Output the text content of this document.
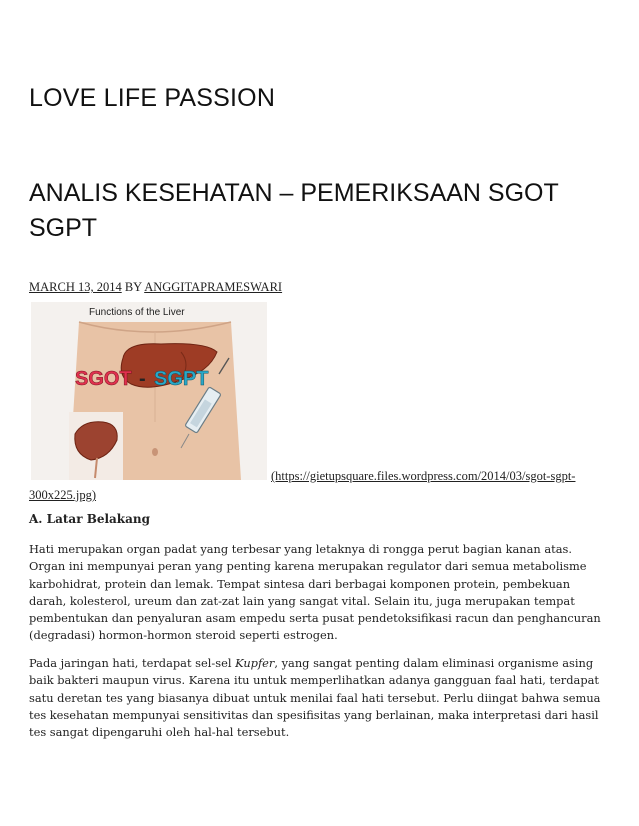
LOVE LIFE PASSION
ANALIS KESEHATAN – PEMERIKSAAN SGOT SGPT
MARCH 13, 2014 BY ANGGITAPRAMESWARI
Functions of the Liver
SGOT - SGPT
(https://gietupsquare.files.wordpress.com/2014/03/sgot-sgpt-300x225.jpg)
A. Latar Belakang

Hati merupakan organ padat yang terbesar yang letaknya di rongga perut bagian kanan atas. Organ ini mempunyai peran yang penting karena merupakan regulator dari semua metabolisme karbohidrat, protein dan lemak. Tempat sintesa dari berbagai komponen protein, pembekuan darah, kolesterol, ureum dan zat-zat lain yang sangat vital. Selain itu, juga merupakan tempat pembentukan dan penyaluran asam empedu serta pusat pendetoksifikasi racun dan penghancuran (degradasi) hormon-hormon steroid seperti estrogen.

Pada jaringan hati, terdapat sel-sel Kupfer, yang sangat penting dalam eliminasi organisme asing baik bakteri maupun virus. Karena itu untuk memperlihatkan adanya gangguan faal hati, terdapat satu deretan tes yang biasanya dibuat untuk menilai faal hati tersebut. Perlu diingat bahwa semua tes kesehatan mempunyai sensitivitas dan spesifisitas yang berlainan, maka interpretasi dari hasil tes sangat dipengaruhi oleh hal-hal tersebut.
